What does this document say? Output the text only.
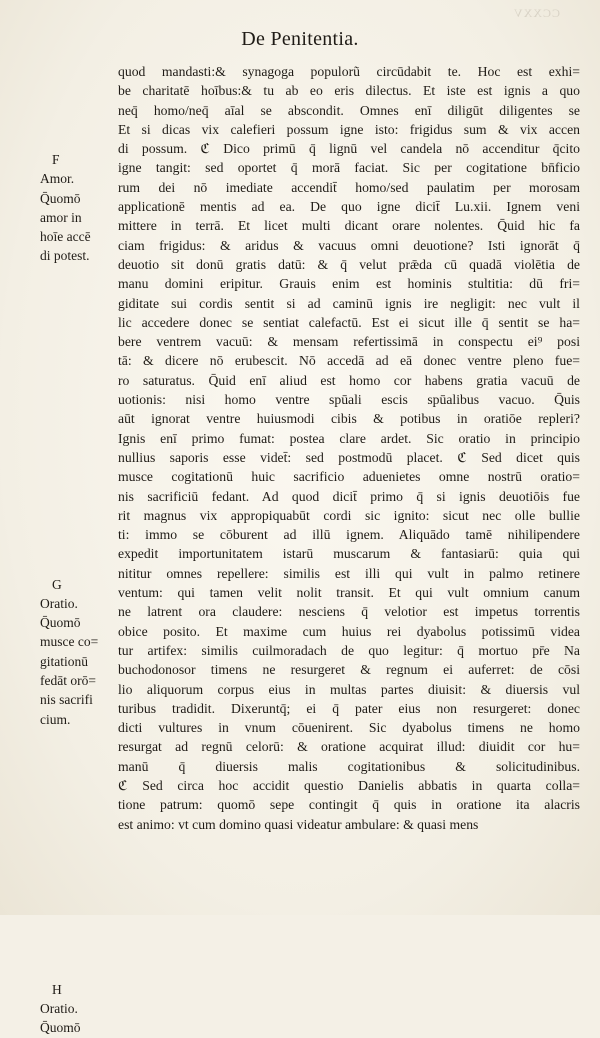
CCXXV
De Penitentia.
F
Amor.
Q̄uomō
amor in
hoīe accē
di potest.
G
Oratio.
Q̄uomō
musce co=
gitationū
fedāt orō=
nis sacrifi
cium.
H
Oratio.
Q̄uomō
quod mandasti:& synagoga populorũ circūdabit te. Hoc est exhi=
be charitatē hoībus:& tu ab eo eris dilectus. Et iste est ignis a quo
neq̄ homo/neq̄ aīal se abscondit. Omnes enī diligūt diligentes se
Et si dicas vix calefieri possum igne isto: frigidus sum & vix accen
di possum. ℭ Dico primū q̄ lignū vel candela nō accenditur q̄cito
igne tangit: sed oportet q̄ morā faciat. Sic per cogitatione bn̄ficio
rum dei nō imediate accendit̄ homo/sed paulatim per morosam
applicationē mentis ad ea. De quo igne dicit̄ Lu.xii. Ignem veni
mittere in terrā. Et licet multi dicant orare nolentes. Q̄uid hic fa
ciam frigidus: & aridus & vacuus omni deuotione? Isti ignorāt q̄
deuotio sit donū gratis datū: & q̄ velut prǣda cū quadā violētia de
manu domini eripitur. Grauis enim est hominis stultitia: dū fri=
giditate sui cordis sentit si ad caminū ignis ire negligit: nec vult il
lic accedere donec se sentiat calefactū. Est ei sicut ille q̄ sentit se ha=
bere ventrem vacuū: & mensam refertissimā in conspectu ei⁹ posi
tā: & dicere nō erubescit. Nō accedā ad eā donec ventre pleno fue=
ro saturatus. Q̄uid enī aliud est homo cor habens gratia vacuū de
uotionis: nisi homo ventre spūali escis spūalibus vacuo. Q̄uis
aūt ignorat ventre huiusmodi cibis & potibus in oratiōe repleri?
Ignis enī primo fumat: postea clare ardet. Sic oratio in principio
nullius saporis esse videt̄: sed postmodū placet. ℭ Sed dicet quis
musce cogitationū huic sacrificio aduenietes omne nostrū oratio=
nis sacrificiū fedant. Ad quod dicit̄ primo q̄ si ignis deuotiōis fue
rit magnus vix appropiquabūt cordi sic ignito: sicut nec olle bullie
ti: immo se cōburent ad illū ignem. Aliquādo tamē nihilipendere
expedit importunitatem istarū muscarum & fantasiarū: quia qui
nititur omnes repellere: similis est illi qui vult in palmo retinere
ventum: qui tamen velit nolit transit. Et qui vult omnium canum
ne latrent ora claudere: nesciens q̄ velotior est impetus torrentis
obice posito. Et maxime cum huius rei dyabolus potissimū videa
tur artifex: similis cuilmoradach de quo legitur: q̄ mortuo pr̄e Na
buchodonosor timens ne resurgeret & regnum ei auferret: de cōsi
lio aliquorum corpus eius in multas partes diuisit: & diuersis vul
turibus tradidit. Dixeruntq̄; ei q̄ pater eius non resurgeret: donec
dicti vultures in vnum cōuenirent. Sic dyabolus timens ne homo
resurgat ad regnū celorū: & oratione acquirat illud: diuidit cor hu=
manū q̄ diuersis malis cogitationibus & solicitudinibus.
ℭ Sed circa hoc accidit questio Danielis abbatis in quarta colla=
tione patrum: quomō sepe contingit q̄ quis in oratione ita alacris
est animo: vt cum domino quasi videatur ambulare: & quasi mens
